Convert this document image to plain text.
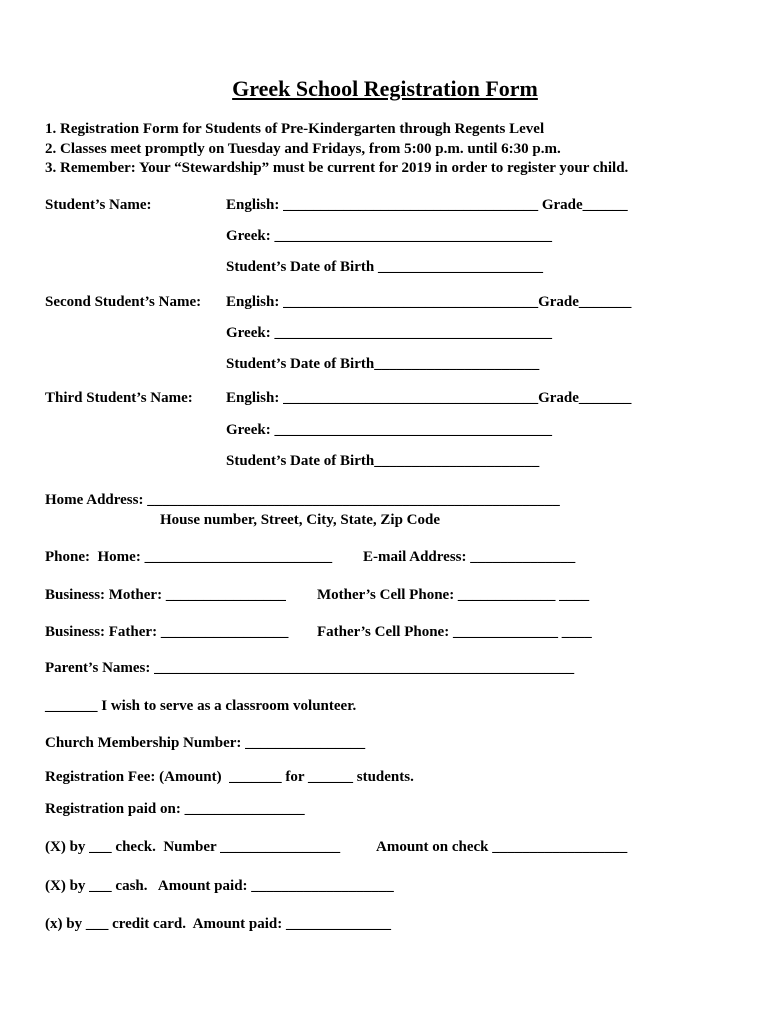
Greek School Registration Form
1. Registration Form for Students of Pre-Kindergarten through Regents Level
2. Classes meet promptly on Tuesday and Fridays, from 5:00 p.m. until 6:30 p.m.
3. Remember: Your “Stewardship” must be current for 2019 in order to register your child.
Student’s Name:	English: __________________________________ Grade______
Greek: _____________________________________
Student’s Date of Birth ______________________
Second Student’s Name: English: __________________________________Grade_______
Greek: _____________________________________
Student’s Date of Birth______________________
Third Student’s Name: English: __________________________________Grade_______
Greek: _____________________________________
Student’s Date of Birth______________________
Home Address: _______________________________________________________
House number, Street, City, State, Zip Code
Phone:  Home: _________________________ E-mail Address: ______________
Business: Mother: ________________ Mother’s Cell Phone: _____________ ____
Business: Father: _________________ Father’s Cell Phone: ______________ ____
Parent’s Names: ________________________________________________________
_______ I wish to serve as a classroom volunteer.
Church Membership Number: ________________
Registration Fee: (Amount)  _______ for ______ students.
Registration paid on: ________________
(X) by ___ check.  Number ________________ Amount on check __________________
(X) by ___ cash.   Amount paid: ___________________
(x) by ___ credit card.  Amount paid: ______________
